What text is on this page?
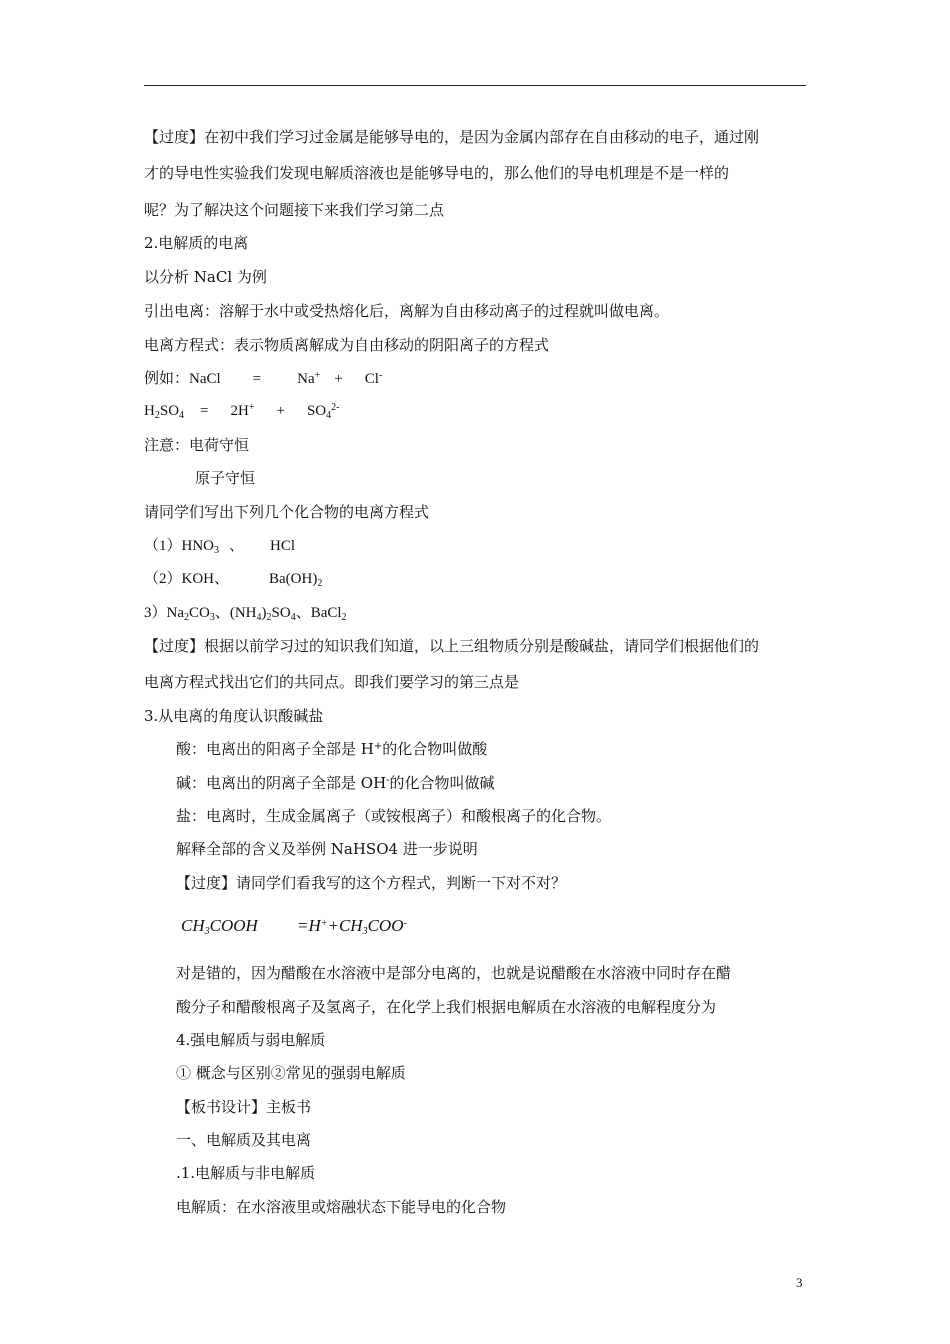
【过度】在初中我们学习过金属是能够导电的，是因为金属内部存在自由移动的电子，通过刚
才的导电性实验我们发现电解质溶液也是能够导电的，那么他们的导电机理是不是一样的
呢？为了解决这个问题接下来我们学习第二点
2.电解质的电离
以分析 NaCl 为例
引出电离：溶解于水中或受热熔化后，离解为自由移动离子的过程就叫做电离。
电离方程式：表示物质离解成为自由移动的阴阳离子的方程式
例如：NaCl = Na+ + Cl-
$H_2SO_4 = 2H^+ + SO_4^{2-}$
注意：电荷守恒
原子守恒
请同学们写出下列几个化合物的电离方程式
$(1)HNO_3$ 、 HCl
（2）KOH、	$Ba(OH)_2$
$3)Na_2CO_3$、$(NH_4)_2SO_4$、BaCl$_2$
【过度】根据以前学习过的知识我们知道，以上三组物质分别是酸碱盐，请同学们根据他们的
电离方程式找出它们的共同点。即我们要学习的第三点是
3.从电离的角度认识酸碱盐
酸：电离出的阳离子全部是 H+的化合物叫做酸
碱：电离出的阴离子全部是 OH-的化合物叫做碱
盐：电离时，生成金属离子（或铵根离子）和酸根离子的化合物。
解释全部的含义及举例 NaHSO4 进一步说明
【过度】请同学们看我写的这个方程式，判断一下对不对？
$CH_3COOH =H^++CH_3COO^-$
对是错的，因为醋酸在水溶液中是部分电离的，也就是说醋酸在水溶液中同时存在醋
酸分子和醋酸根离子及氢离子，在化学上我们根据电解质在水溶液的电解程度分为
4.强电解质与弱电解质
① 概念与区别②常见的强弱电解质
【板书设计】主板书
一、电解质及其电离
.1.电解质与非电解质
电解质：在水溶液里或熔融状态下能导电的化合物
3
